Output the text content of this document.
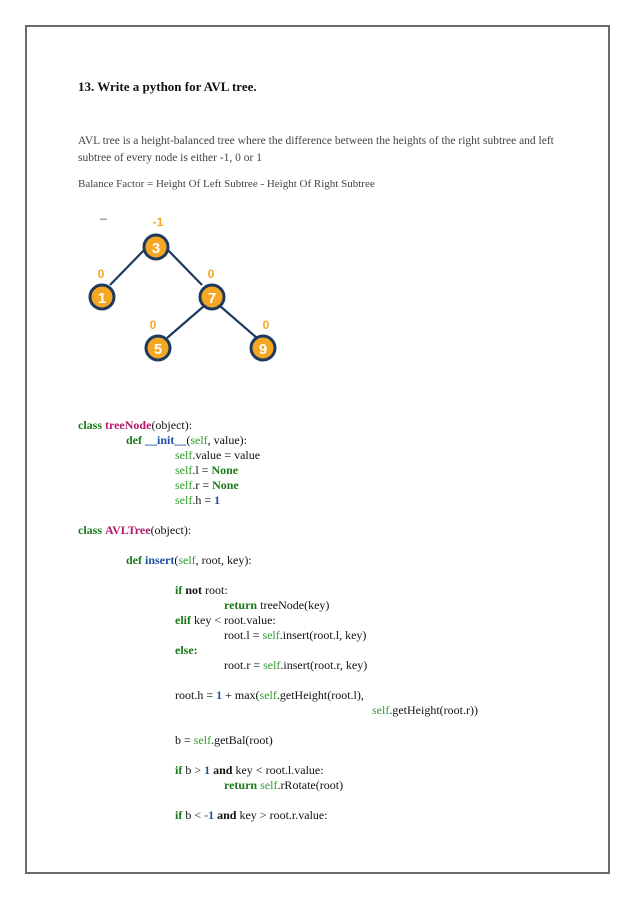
13. Write a python for AVL tree.
AVL tree is a height-balanced tree where the difference between the heights of the right subtree and left subtree of every node is either -1, 0 or 1
Balance Factor = Height Of Left Subtree - Height Of Right Subtree
_
3
-1
1
0
7
0
5
0
9
0
class treeNode(object):
def __init__(self, value):
self.value = value
self.l = None
self.r = None
self.h = 1
class AVLTree(object):
def insert(self, root, key):
if not root:
return treeNode(key)
elif key < root.value:
root.l = self.insert(root.l, key)
else:
root.r = self.insert(root.r, key)
root.h = 1 + max(self.getHeight(root.l),
self.getHeight(root.r))
b = self.getBal(root)
if b > 1 and key < root.l.value:
return self.rRotate(root)
if b < -1 and key > root.r.value:
